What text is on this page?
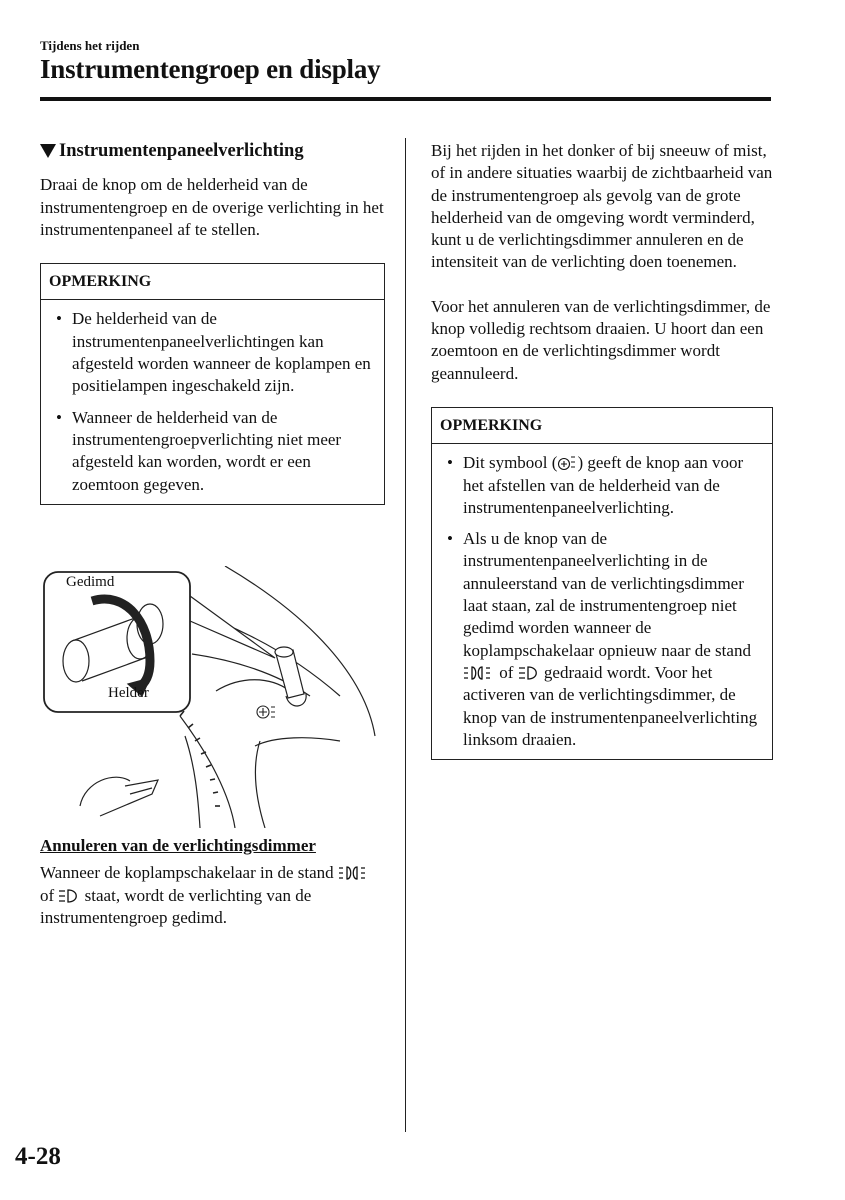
Tijdens het rijden
Instrumentengroep en display
Instrumentenpaneelverlichting

Draai de knop om de helderheid van de instrumentengroep en de overige verlichting in het instrumentenpaneel af te stellen.

OPMERKING
• De helderheid van de instrumentenpaneelverlichtingen kan afgesteld worden wanneer de koplampen en positielampen ingeschakeld zijn.
• Wanneer de helderheid van de instrumentengroepverlichting niet meer afgesteld kan worden, wordt er een zoemtoon gegeven.
Gedimd
Helder

Annuleren van de verlichtingsdimmer

Wanneer de koplampschakelaar in de stand  of staat, wordt de verlichting van de instrumentengroep gedimd.

Bij het rijden in het donker of bij sneeuw of mist, of in andere situaties waarbij de zichtbaarheid van de instrumentengroep als gevolg van de grote helderheid van de omgeving wordt verminderd, kunt u de verlichtingsdimmer annuleren en de intensiteit van de verlichting doen toenemen.

Voor het annuleren van de verlichtingsdimmer, de knop volledig rechtsom draaien. U hoort dan een zoemtoon en de verlichtingsdimmer wordt geannuleerd.

OPMERKING
• Dit symbool ( ) geeft de knop aan voor het afstellen van de helderheid van de instrumentenpaneelverlichting.
• Als u de knop van de instrumentenpaneelverlichting in de annuleerstand van de verlichtingsdimmer laat staan, zal de instrumentengroep niet gedimd worden wanneer de koplampschakelaar opnieuw naar de stand  of gedraaid wordt. Voor het activeren van de verlichtingsdimmer, de knop van de instrumentenpaneelverlichting linksom draaien.
4-28
